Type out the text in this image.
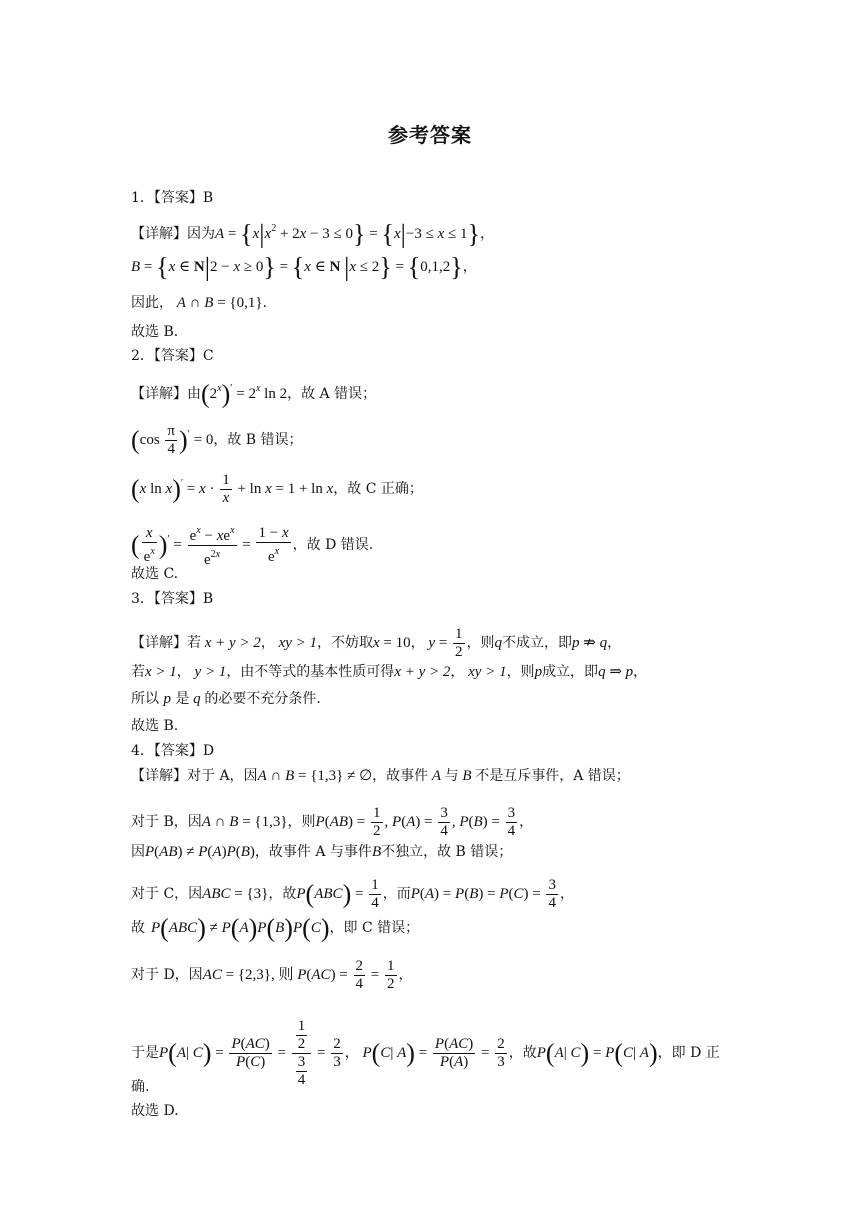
参考答案
1．【答案】B
【详解】因为$A = \{x|x^2 + 2x - 3 \le 0\} = \{x|-3 \le x \le 1\}$，
B = {x ∈ N|2 − x ≥ 0} = {x ∈ N |x ≤ 2} = {0,1,2}，
因此， A ∩ B = {0,1}.
故选 B.
2．【答案】C
【详解】由$(2^x)' = 2^x$ ln 2，故 A 错误；
$(\cos \frac{\pi}{4} )' = 0$，故 B 错误；
(x $\ln x)' = x \cdot \frac{1}{x} + \ln x = 1 + \ln x$，故 C 正确；
( $\frac{x}{e^x} )' = \frac{e^x - xe^x}{e^{2x}} = \frac{1 - x}{e^x}$ ，故 D 错误.
故选 C.
3．【答案】B
【详解】若 x + y > 2， xy > 1，不妨取x = 10， $y = \frac{1}{2}$ ，则q不成立，即p ⇏ q，
若x > 1， y > 1，由不等式的基本性质可得x + y > 2， xy > 1，则p成立，即q ⇒ p，
所以 p 是 q 的必要不充分条件.
故选 B.
4．【答案】D
【详解】对于 A，因A ∩ B = {1,3} ≠ ∅，故事件 A 与 B 不是互斥事件，A 错误；
对于 B，因A ∩ B = {1,3}，则$P(AB) = \frac{1}{2}$ , $P(A) = \frac{3}{4}$ , $P(B) = \frac{3}{4}$ ，
因P(AB) ≠ P(A)P(B)，故事件 A 与事件B不独立，故 B 错误；
对于 C，因ABC = {3}，故$P(ABC) = \frac{1}{4}$ ，而$P(A) = P(B) = P(C) = \frac{3}{4}$ ，
故 P(ABC) ≠ P(A)P(B)P(C)，即 C 错误；
对于 D，因AC = {2,3}, 则 $P(AC) = \frac{2}{4} = \frac{1}{2}$ ，
于是P(A| $C) = \frac{P(AC)}{P(C)} = \frac{\frac{1}{2}}{\frac{3}{4}} = \frac{2}{3}$ ， P(C| $A) = \frac{P(AC)}{P(A)} = \frac{2}{3}$ ，故P(A| C) = P(C| A)，即 D 正
确.
故选 D.
